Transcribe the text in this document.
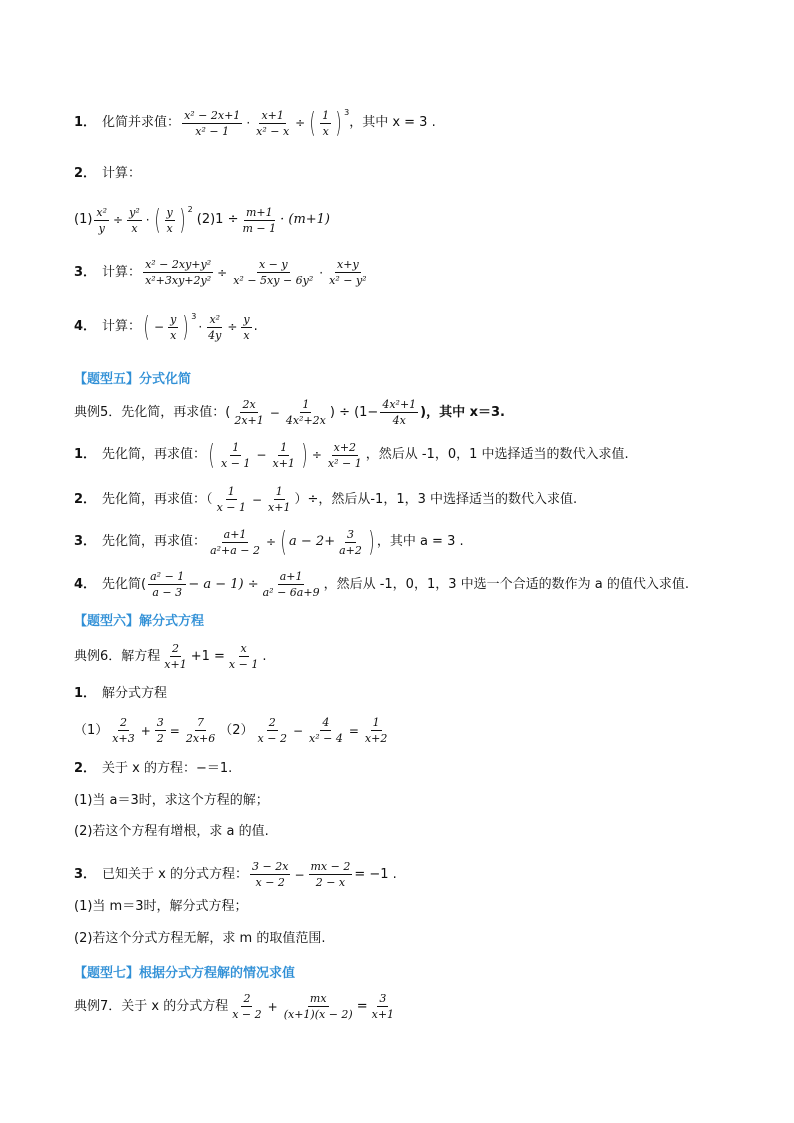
1． 化简并求值： $\frac{\text{x² − 2x+1}}{\text{x² − 1}} \cdot \frac{x+1}{\text{x² − x}}$ ÷ ( $\frac{1}{x}$ ) 3
，其中 x = 3 .
2． 计算：
$(1) \frac{\text{x²}}{y} \div \frac{\text{y²}}{x}$ · ( $\frac{y}{x}$ ) 2
(2) $1 \div \frac{m+1}{m - 1} \cdot (m+1)$
3． 计算： $\frac{\text{x² − 2xy+y²}}{\text{x²+3xy+2y²}} \div \frac{x - y}{\text{x² − 5xy − 6y²}} \cdot \frac{x+y}{\text{x² − y²}}$
4． 计算： ( − $\frac{y}{x}$ ) 3
· $\frac{\text{x²}}{4y} \div \frac{y}{x}$ .
【题型五】分式化简
典例5．先化简，再求值：( $\frac{2x}{2x+1} - \frac{1}{\text{4x²+2x}}$ ) ÷ ($1- \frac{\text{4x²+1}}{4x}$ )，其中 x＝3.
1． 先化简，再求值： ( $\frac{1}{x - 1} - \frac{1}{x+1}$ ) ÷ $\frac{x+2}{\text{x² − 1}}$ ，然后从 -1，0，1 中选择适当的数代入求值.
2． 先化简，再求值：（ $\frac{1}{x - 1} - \frac{1}{x+1}$ ）÷，然后从-1，1，3 中选择适当的数代入求值.
3． 先化简，再求值： $\frac{a+1}{\text{a²+a − 2}}$ ÷ ( $a - 2+ \frac{3}{a+2}$ ) ，其中 a = 3 .
4． 先化简( $\frac{\text{a² − 1}}{a - 3} - a - 1) \div \frac{a+1}{\text{a² − 6a+9}}$ ，然后从 -1，0，1，3 中选一个合适的数作为 a 的值代入求值.
【题型六】解分式方程
典例6．解方程 $\frac{2}{x+1} +1 = \frac{x}{x - 1}$ .
1． 解分式方程
$(1) \frac{2}{x+3} + \frac{3}{2} = \frac{7}{2x+6} (2) \frac{2}{x - 2} - \frac{4}{\text{x² − 4}} = \frac{1}{x+2}$
2． 关于 x 的方程：−＝1.
(1)当 a＝3时，求这个方程的解；
(2)若这个方程有增根，求 a 的值.
3． 已知关于 x 的分式方程： $\frac{3 - 2x}{x - 2} - \frac{mx - 2}{2 - x} = -1$ .
(1)当 m＝3时，解分式方程；
(2)若这个分式方程无解，求 m 的取值范围.
【题型七】根据分式方程解的情况求值
典例7．关于 x 的分式方程 $\frac{2}{x - 2} + \frac{mx}{(x+1)(x - 2)} = \frac{3}{x+1}$
